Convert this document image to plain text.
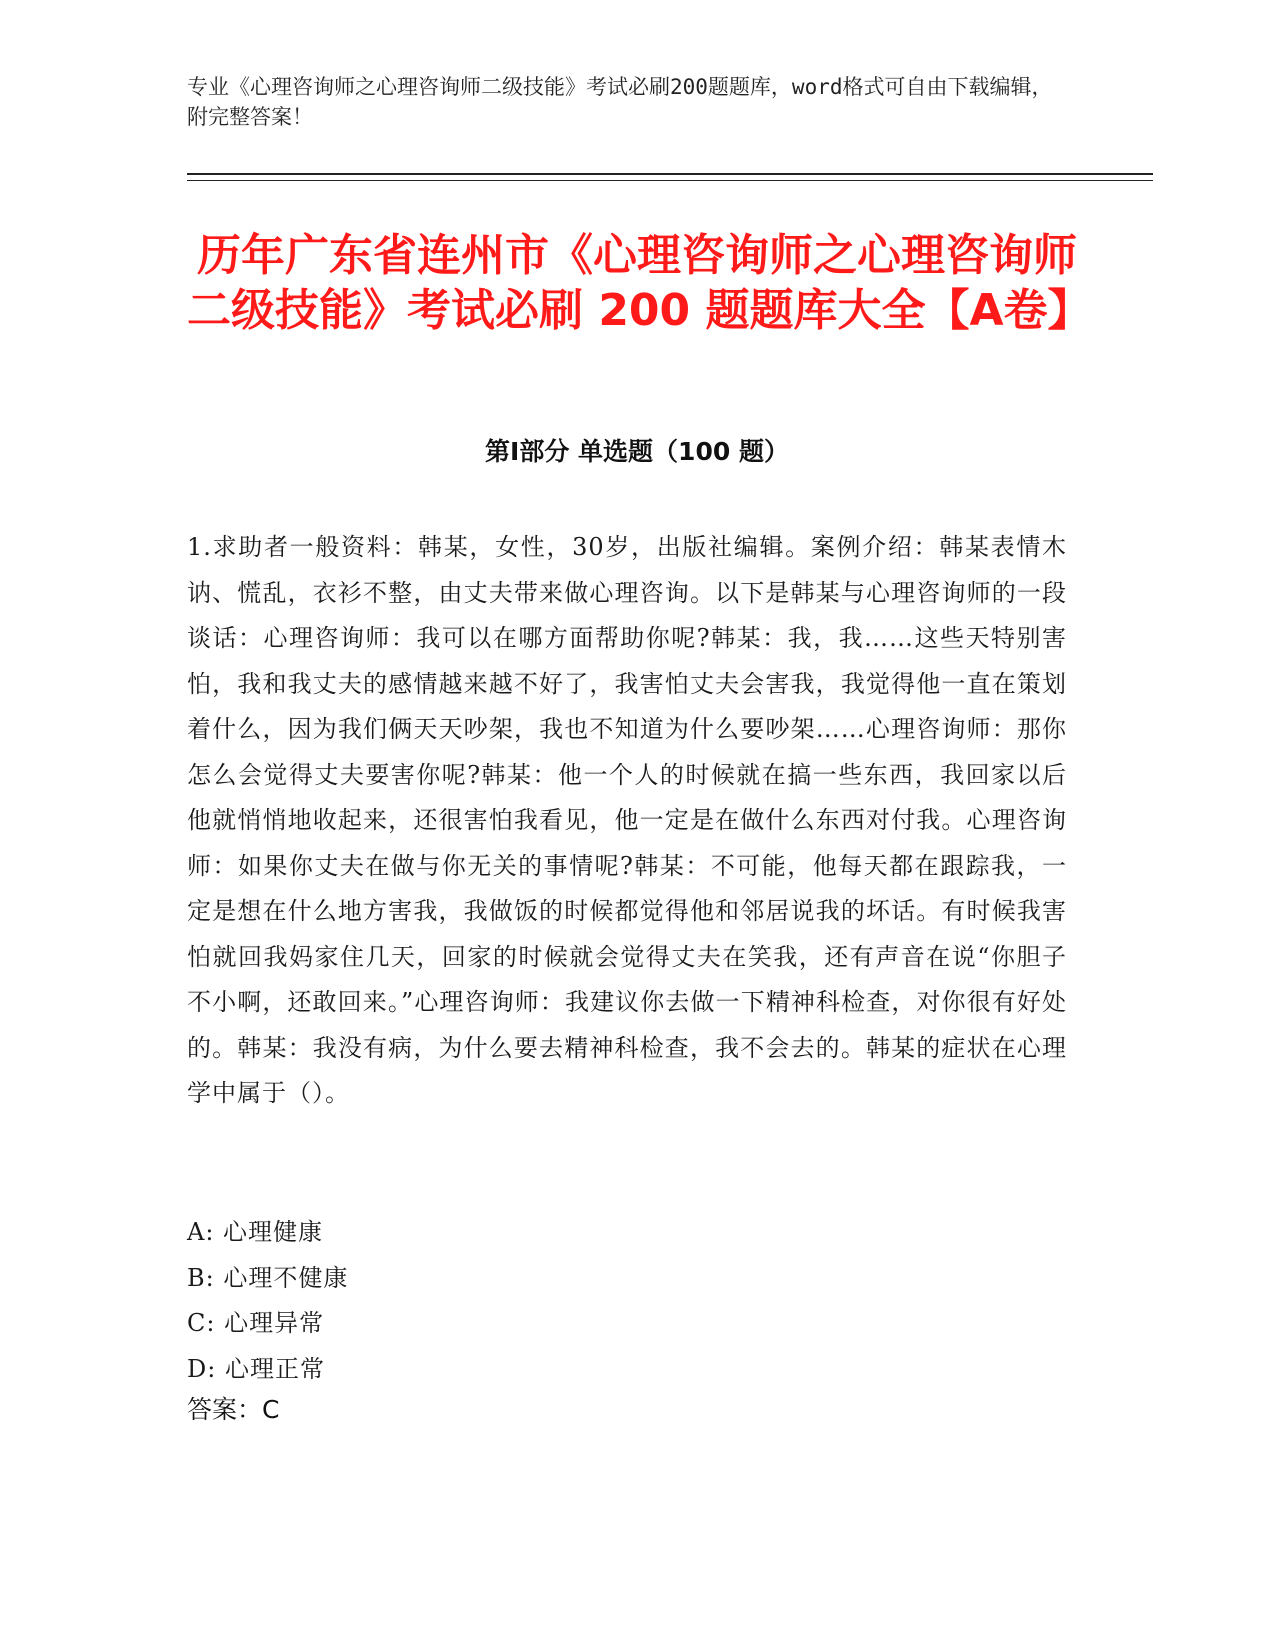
专业《心理咨询师之心理咨询师二级技能》考试必刷200题题库，word格式可自由下载编辑，附完整答案！

历年广东省连州市《心理咨询师之心理咨询师二级技能》考试必刷 200 题题库大全【A卷】
第Ⅰ部分 单选题（100 题）

1.求助者一般资料：韩某，女性，30岁，出版社编辑。案例介绍：韩某表情木讷、慌乱，衣衫不整，由丈夫带来做心理咨询。以下是韩某与心理咨询师的一段谈话：心理咨询师：我可以在哪方面帮助你呢?韩某：我，我……这些天特别害怕，我和我丈夫的感情越来越不好了，我害怕丈夫会害我，我觉得他一直在策划着什么，因为我们俩天天吵架，我也不知道为什么要吵架……心理咨询师：那你怎么会觉得丈夫要害你呢?韩某：他一个人的时候就在搞一些东西，我回家以后他就悄悄地收起来，还很害怕我看见，他一定是在做什么东西对付我。心理咨询师：如果你丈夫在做与你无关的事情呢?韩某：不可能，他每天都在跟踪我，一定是想在什么地方害我，我做饭的时候都觉得他和邻居说我的坏话。有时候我害怕就回我妈家住几天，回家的时候就会觉得丈夫在笑我，还有声音在说“你胆子不小啊，还敢回来。”心理咨询师：我建议你去做一下精神科检查，对你很有好处的。韩某：我没有病，为什么要去精神科检查，我不会去的。韩某的症状在心理学中属于（）。

A: 心理健康
B: 心理不健康
C: 心理异常
D: 心理正常

答案：C
